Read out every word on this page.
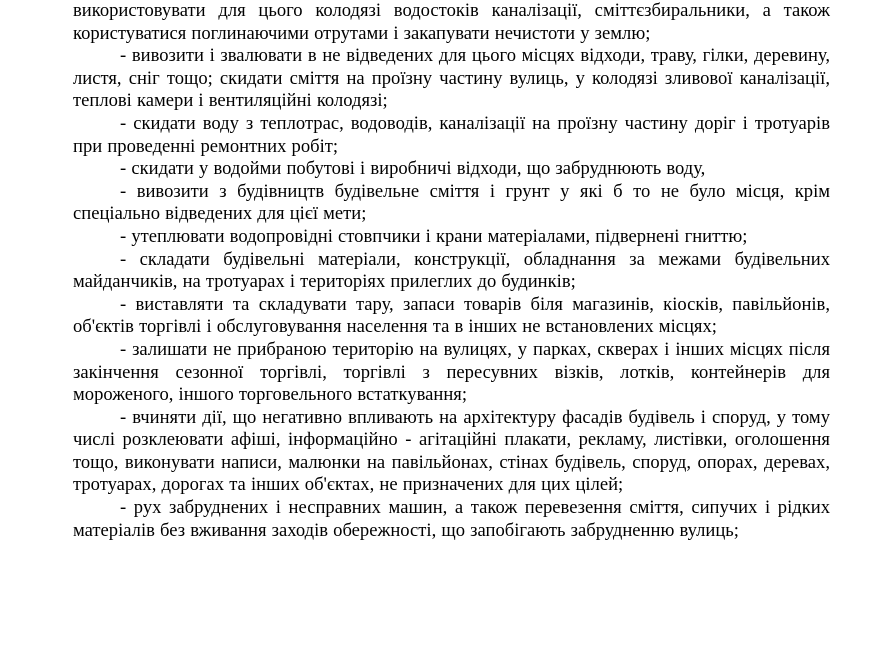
використовувати для цього колодязі водостоків каналізації, сміттєзбиральники, а також користуватися поглинаючими отрутами і закапувати нечистоти у землю;

- вивозити і звалювати в не відведених для цього місцях відходи, траву, гілки, деревину, листя, сніг тощо; скидати сміття на проїзну частину вулиць, у колодязі зливової каналізації, теплові камери і вентиляційні колодязі;

- скидати воду з теплотрас, водоводів, каналізації на проїзну частину доріг і тротуарів при проведенні ремонтних робіт;

- скидати у водойми побутові і виробничі відходи, що забруднюють воду,

- вивозити з будівництв будівельне сміття і грунт у які б то не було місця, крім спеціально відведених для цієї мети;

- утеплювати водопровідні стовпчики і крани матеріалами, підвернені гниттю;

- складати будівельні матеріали, конструкції, обладнання за межами будівельних майданчиків, на тротуарах і територіях прилеглих до будинків;

- виставляти та складувати тару, запаси товарів біля магазинів, кіосків, павільйонів, об'єктів торгівлі і обслуговування населення та в інших не встановлених місцях;

- залишати не прибраною територію на вулицях, у парках, скверах і інших місцях після закінчення сезонної торгівлі, торгівлі з пересувних візків, лотків, контейнерів для мороженого, іншого торговельного встаткування;

- вчиняти дії, що негативно впливають на архітектуру фасадів будівель і споруд, у тому числі розклеювати афіші, інформаційно - агітаційні плакати, рекламу, листівки, оголошення тощо, виконувати написи, малюнки на павільйонах, стінах будівель, споруд, опорах, деревах, тротуарах, дорогах та інших об'єктах, не призначених для цих цілей;

- рух забруднених і несправних машин, а також перевезення сміття, сипучих і рідких матеріалів без вживання заходів обережності, що запобігають забрудненню вулиць;
